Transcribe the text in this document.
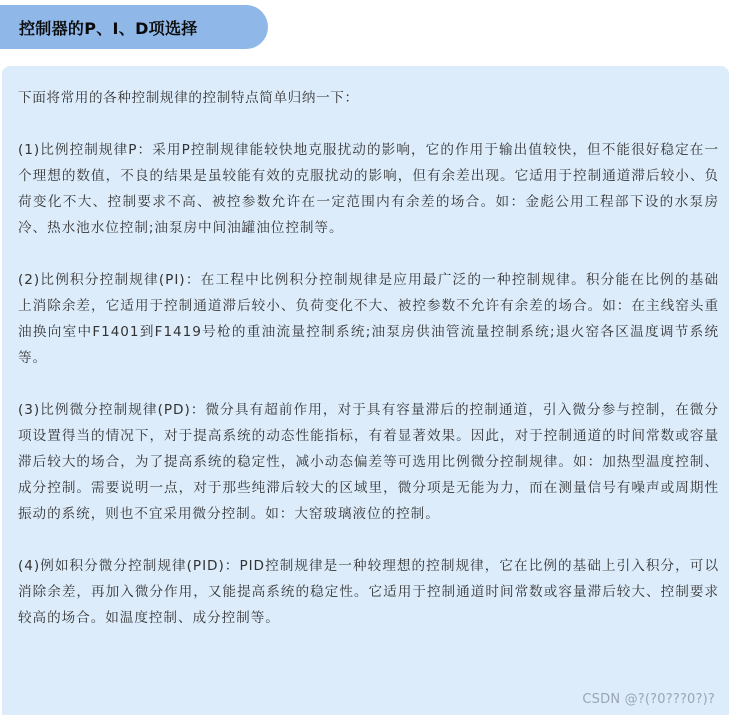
控制器的P、I、D项选择

下面将常用的各种控制规律的控制特点简单归纳一下：

(1)比例控制规律P：采用P控制规律能较快地克服扰动的影响，它的作用于输出值较快，但不能很好稳定在一个理想的数值，不良的结果是虽较能有效的克服扰动的影响，但有余差出现。它适用于控制通道滞后较小、负荷变化不大、控制要求不高、被控参数允许在一定范围内有余差的场合。如：金彪公用工程部下设的水泵房冷、热水池水位控制;油泵房中间油罐油位控制等。

(2)比例积分控制规律(PI)：在工程中比例积分控制规律是应用最广泛的一种控制规律。积分能在比例的基础上消除余差，它适用于控制通道滞后较小、负荷变化不大、被控参数不允许有余差的场合。如：在主线窑头重油换向室中F1401到F1419号枪的重油流量控制系统;油泵房供油管流量控制系统;退火窑各区温度调节系统等。

(3)比例微分控制规律(PD)：微分具有超前作用，对于具有容量滞后的控制通道，引入微分参与控制，在微分项设置得当的情况下，对于提高系统的动态性能指标，有着显著效果。因此，对于控制通道的时间常数或容量滞后较大的场合，为了提高系统的稳定性，减小动态偏差等可选用比例微分控制规律。如：加热型温度控制、成分控制。需要说明一点，对于那些纯滞后较大的区域里，微分项是无能为力，而在测量信号有噪声或周期性振动的系统，则也不宜采用微分控制。如：大窑玻璃液位的控制。

(4)例如积分微分控制规律(PID)：PID控制规律是一种较理想的控制规律，它在比例的基础上引入积分，可以消除余差，再加入微分作用，又能提高系统的稳定性。它适用于控制通道时间常数或容量滞后较大、控制要求较高的场合。如温度控制、成分控制等。

CSDN @?(?0???0?)?
